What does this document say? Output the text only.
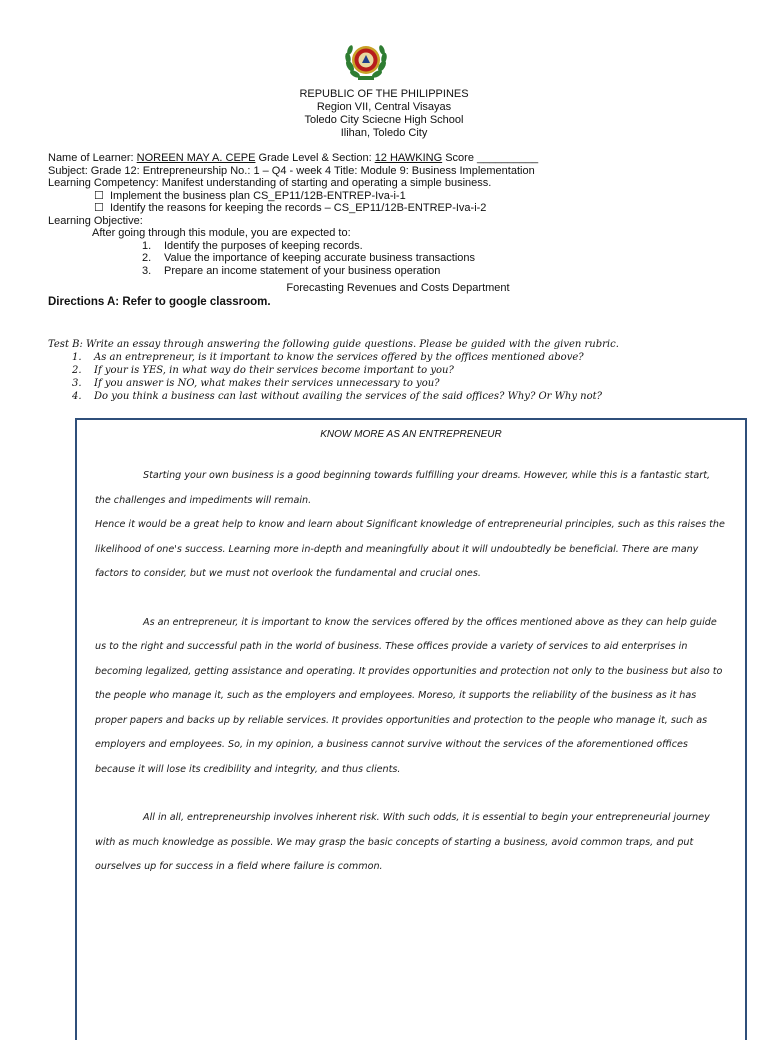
REPUBLIC OF THE PHILIPPINES
Region VII, Central Visayas
Toledo City Sciecne High School
Ilihan, Toledo City
Name of Learner: NOREEN MAY A. CEPE Grade Level & Section: 12 HAWKING Score __________
Subject: Grade 12: Entrepreneurship No.: 1 – Q4 - week 4 Title: Module 9: Business Implementation
Learning Competency: Manifest understanding of starting and operating a simple business.
☐ Implement the business plan CS_EP11/12B-ENTREP-Iva-i-1
☐ Identify the reasons for keeping the records – CS_EP11/12B-ENTREP-Iva-i-2
Learning Objective:
After going through this module, you are expected to:
1. Identify the purposes of keeping records.
2. Value the importance of keeping accurate business transactions
3. Prepare an income statement of your business operation
Forecasting Revenues and Costs Department
Directions A: Refer to google classroom.
Test B: Write an essay through answering the following guide questions. Please be guided with the given rubric.
1. As an entrepreneur, is it important to know the services offered by the offices mentioned above?
2. If your is YES, in what way do their services become important to you?
3. If you answer is NO, what makes their services unnecessary to you?
4. Do you think a business can last without availing the services of the said offices? Why? Or Why not?
KNOW MORE AS AN ENTREPRENEUR

Starting your own business is a good beginning towards fulfilling your dreams. However, while this is a fantastic start, the challenges and impediments will remain.

Hence it would be a great help to know and learn about Significant knowledge of entrepreneurial principles, such as this raises the likelihood of one's success. Learning more in-depth and meaningfully about it will undoubtedly be beneficial. There are many factors to consider, but we must not overlook the fundamental and crucial ones.

As an entrepreneur, it is important to know the services offered by the offices mentioned above as they can help guide us to the right and successful path in the world of business. These offices provide a variety of services to aid enterprises in becoming legalized, getting assistance and operating. It provides opportunities and protection not only to the business but also to the people who manage it, such as the employers and employees. Moreso, it supports the reliability of the business as it has proper papers and backs up by reliable services. It provides opportunities and protection to the people who manage it, such as employers and employees. So, in my opinion, a business cannot survive without the services of the aforementioned offices because it will lose its credibility and integrity, and thus clients.

All in all, entrepreneurship involves inherent risk. With such odds, it is essential to begin your entrepreneurial journey with as much knowledge as possible. We may grasp the basic concepts of starting a business, avoid common traps, and put ourselves up for success in a field where failure is common.
